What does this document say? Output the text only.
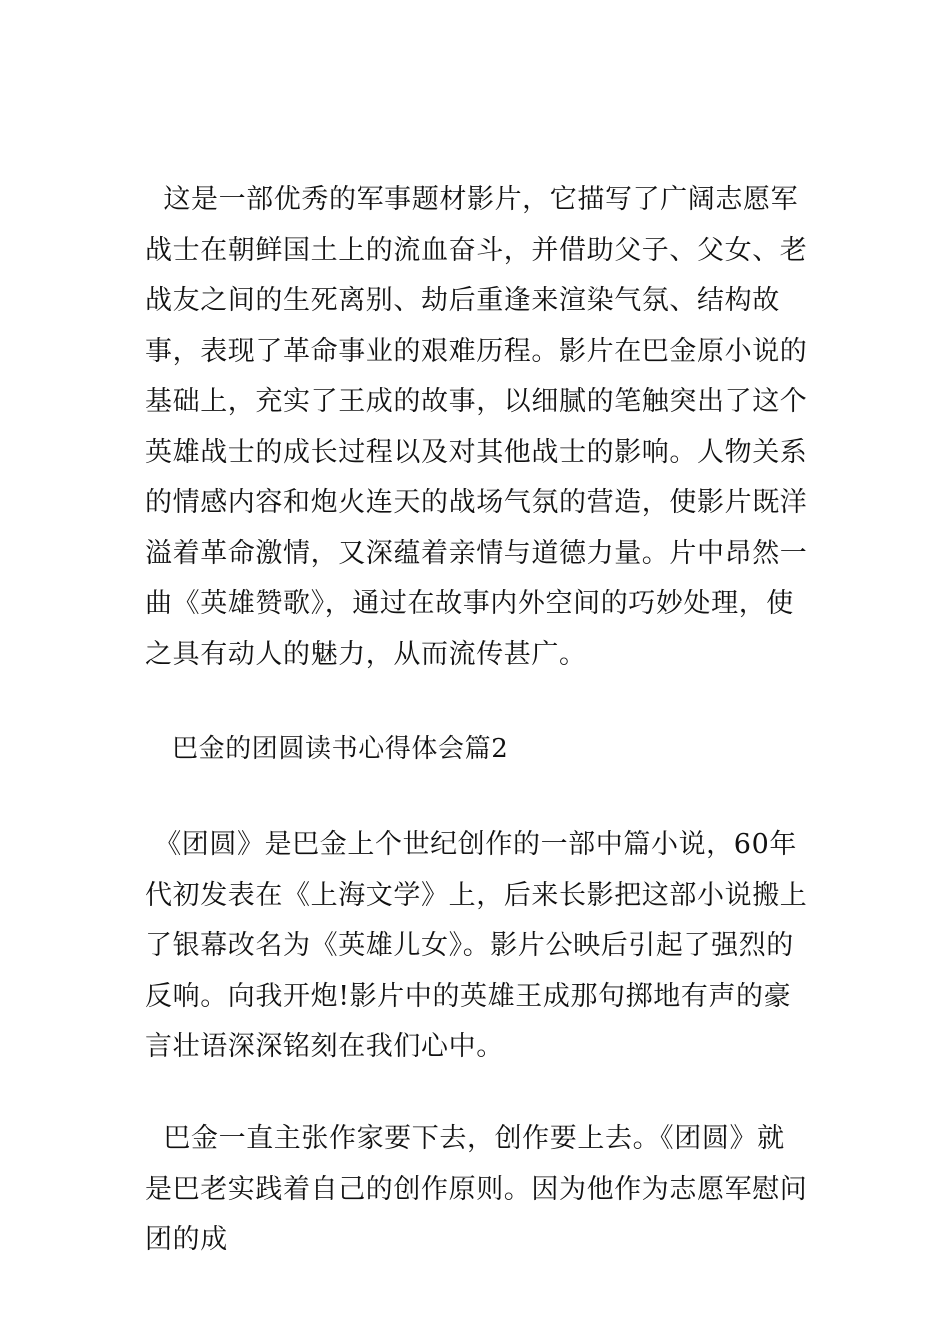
这是一部优秀的军事题材影片，它描写了广阔志愿军战士在朝鲜国土上的流血奋斗，并借助父子、父女、老战友之间的生死离别、劫后重逢来渲染气氛、结构故事，表现了革命事业的艰难历程。影片在巴金原小说的基础上，充实了王成的故事，以细腻的笔触突出了这个英雄战士的成长过程以及对其他战士的影响。人物关系的情感内容和炮火连天的战场气氛的营造，使影片既洋溢着革命激情，又深蕴着亲情与道德力量。片中昂然一曲《英雄赞歌》，通过在故事内外空间的巧妙处理，使之具有动人的魅力，从而流传甚广。

巴金的团圆读书心得体会篇2

《团圆》是巴金上个世纪创作的一部中篇小说，60年代初发表在《上海文学》上，后来长影把这部小说搬上了银幕改名为《英雄儿女》。影片公映后引起了强烈的反响。向我开炮!影片中的英雄王成那句掷地有声的豪言壮语深深铭刻在我们心中。

巴金一直主张作家要下去，创作要上去。《团圆》就是巴老实践着自己的创作原则。因为他作为志愿军慰问团的成
